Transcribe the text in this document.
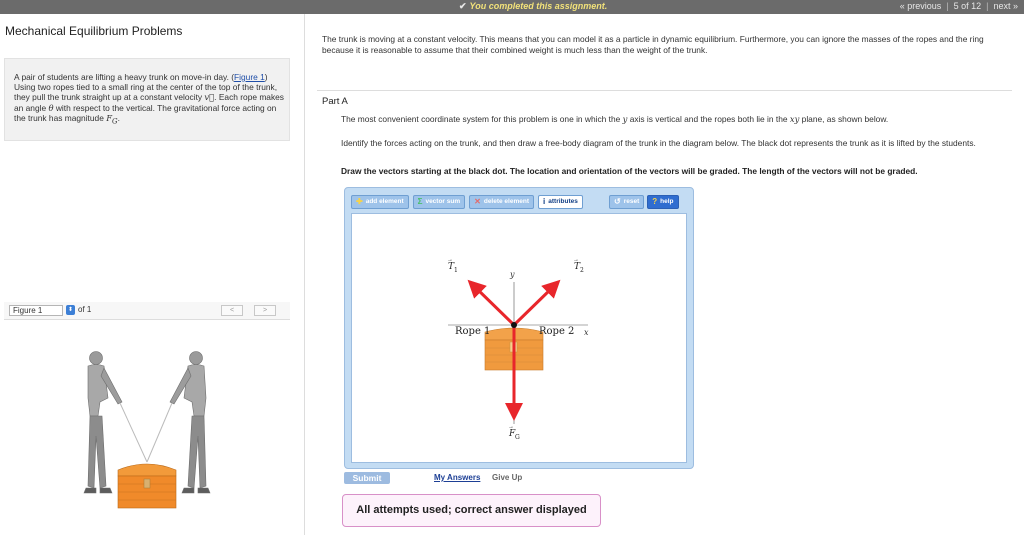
✔ You completed this assignment.	« previous | 5 of 12 | next »
Mechanical Equilibrium Problems
A pair of students are lifting a heavy trunk on move-in day. (Figure 1) Using two ropes tied to a small ring at the center of the top of the trunk, they pull the trunk straight up at a constant velocity v⃗. Each rope makes an angle θ with respect to the vertical. The gravitational force acting on the trunk has magnitude $F_G$.
Figure 1	⬍ of 1	<	>
The trunk is moving at a constant velocity. This means that you can model it as a particle in dynamic equilibrium. Furthermore, you can ignore the masses of the ropes and the ring because it is reasonable to assume that their combined weight is much less than the weight of the trunk.
Part A
The most convenient coordinate system for this problem is one in which the y axis is vertical and the ropes both lie in the xy plane, as shown below.
Identify the forces acting on the trunk, and then draw a free-body diagram of the trunk in the diagram below. The black dot represents the trunk as it is lifted by the students.
Draw the vectors starting at the black dot. The location and orientation of the vectors will be graded. The length of the vectors will not be graded.
✚ add element Σ vector sum ✕ delete element i attributes	↺ reset ? help
y
x
Rope 1	Rope 2
T 1
→
T 2
→
F G
→
Submit	My Answers Give Up
All attempts used; correct answer displayed
